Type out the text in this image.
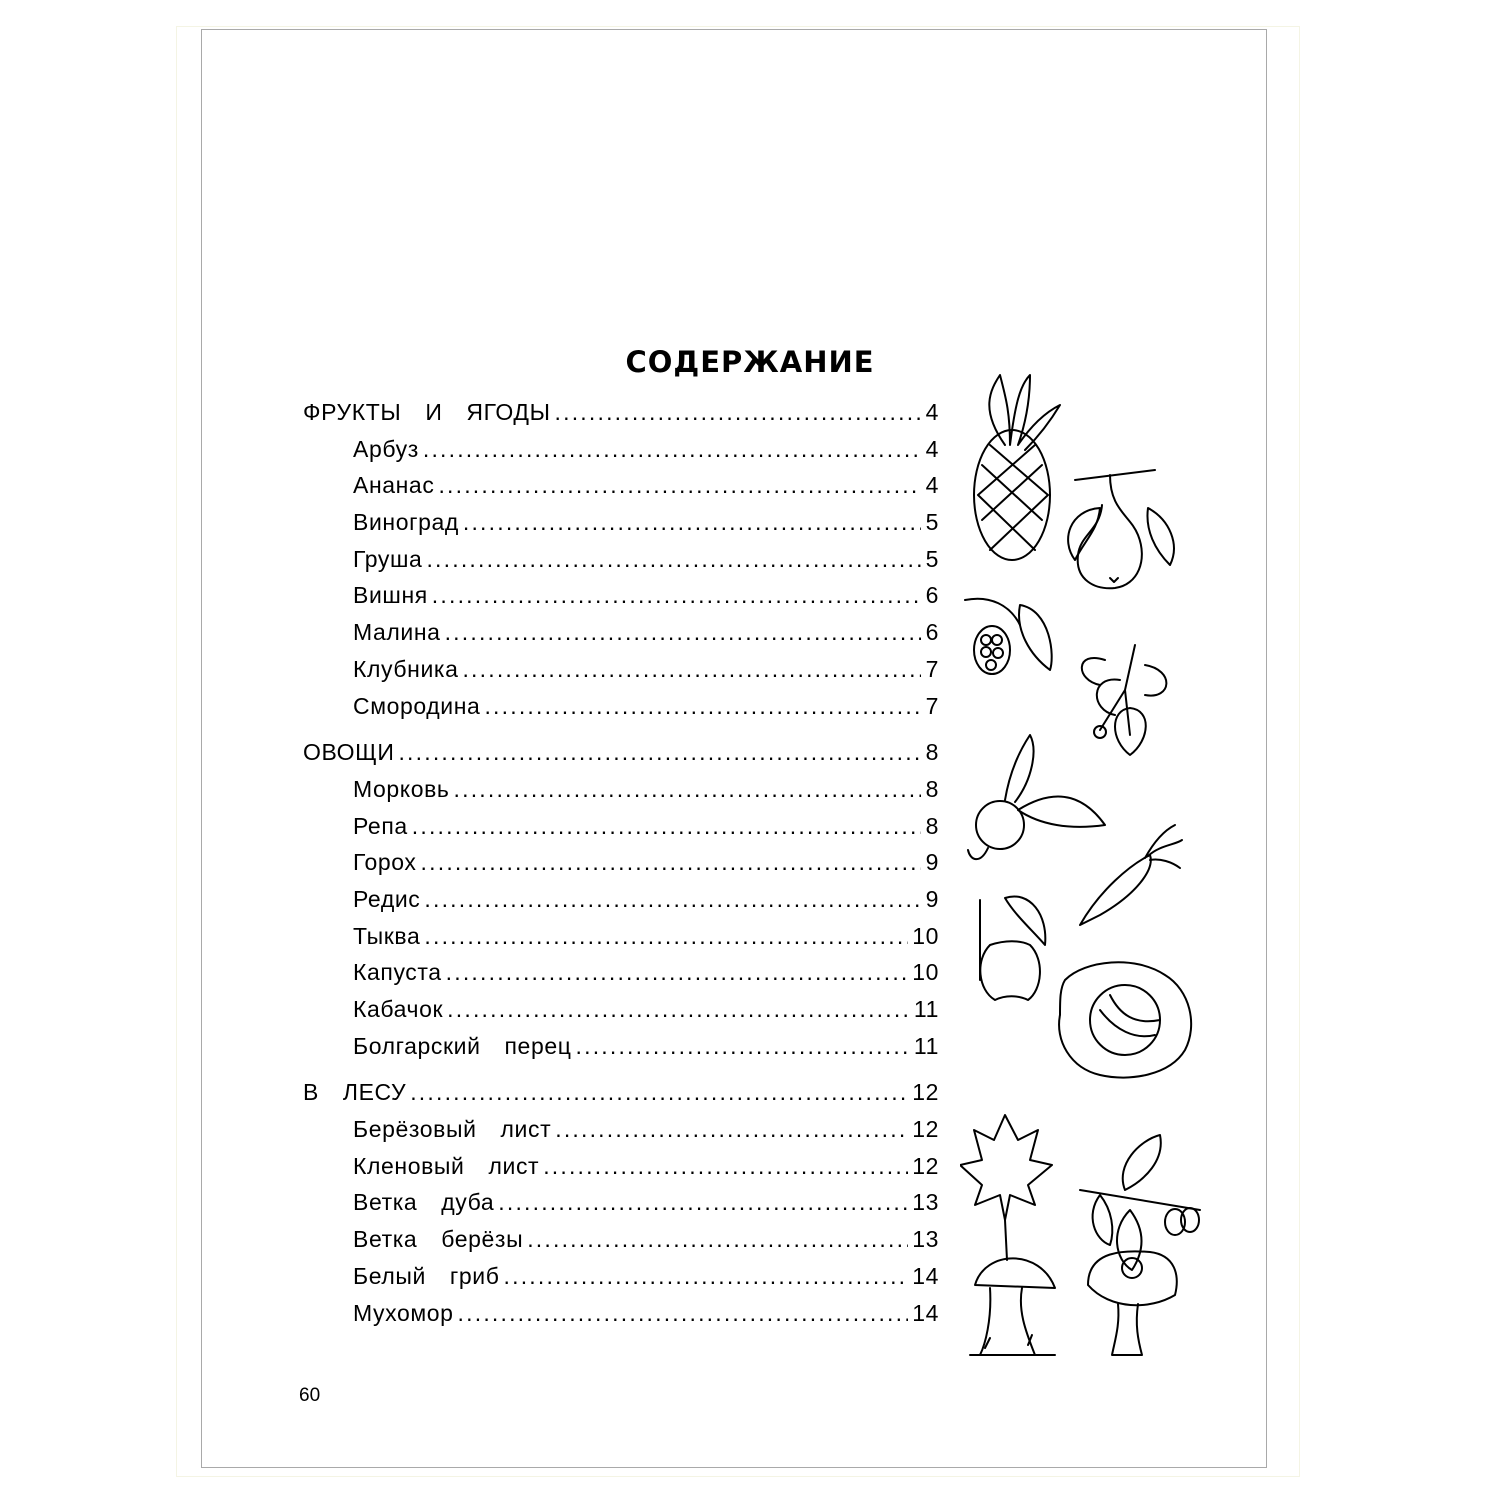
СОДЕРЖАНИЕ
ФРУКТЫ  И  ЯГОДЫ .....	4
Арбуз .....	4
Ананас .....	4
Виноград .....	5
Груша .....	5
Вишня .....	6
Малина .....	6
Клубника .....	7
Смородина .....	7
ОВОЩИ .....	8
Морковь .....	8
Репа .....	8
Горох .....	9
Редис .....	9
Тыква .....	10
Капуста .....	10
Кабачок .....	11
Болгарский  перец .....	11
В  ЛЕСУ .....	12
Берёзовый  лист .....	12
Кленовый  лист .....	12
Ветка  дуба .....	13
Ветка  берёзы .....	13
Белый  гриб .....	14
Мухомор .....	14
60
